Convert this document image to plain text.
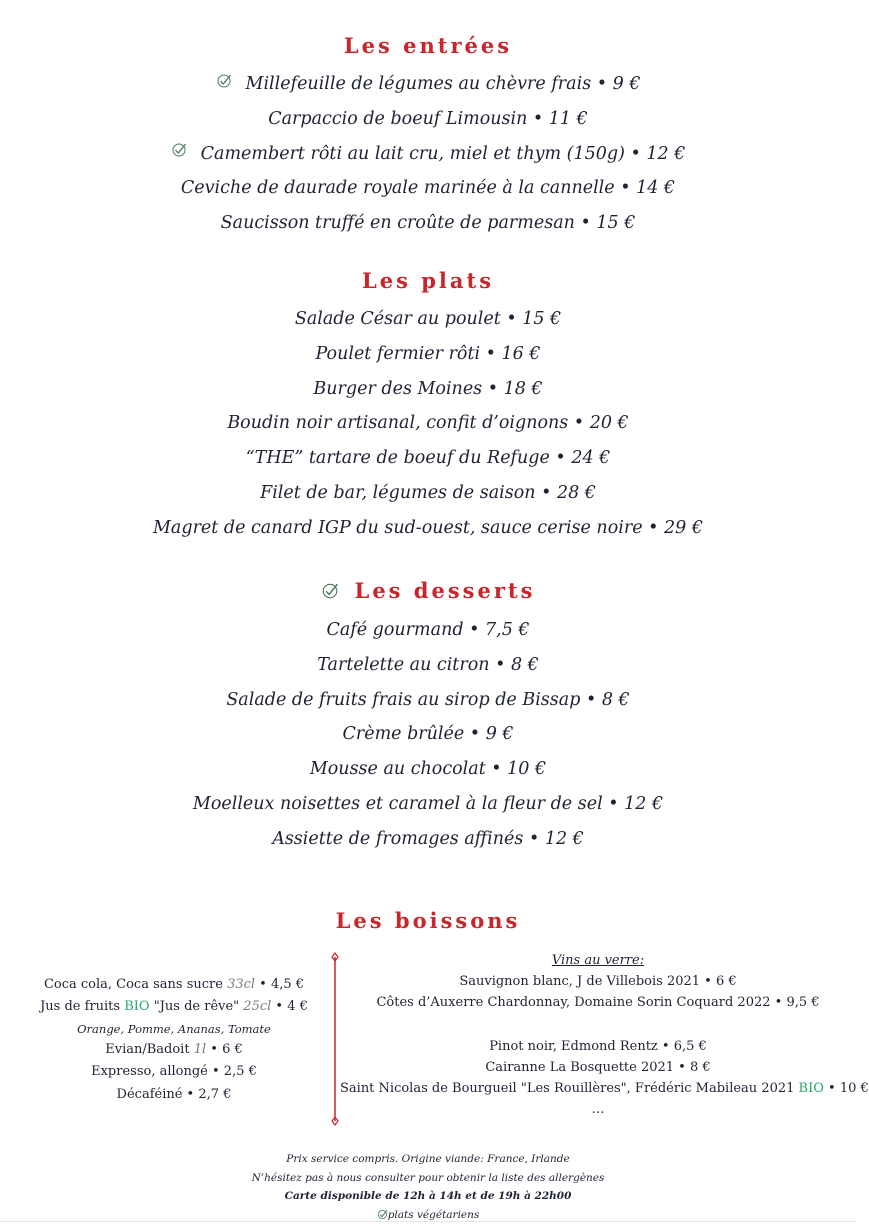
Les entrées
Millefeuille de légumes au chèvre frais • 9 €
Carpaccio de boeuf Limousin • 11 €
Camembert rôti au lait cru, miel et thym (150g) • 12 €
Ceviche de daurade royale marinée à la cannelle • 14 €
Saucisson truffé en croûte de parmesan • 15 €
Les plats
Salade César au poulet • 15 €
Poulet fermier rôti • 16 €
Burger des Moines • 18 €
Boudin noir artisanal, confit d’oignons • 20 €
“THE” tartare de boeuf du Refuge • 24 €
Filet de bar, légumes de saison • 28 €
Magret de canard IGP du sud-ouest, sauce cerise noire • 29 €
Les desserts
Café gourmand • 7,5 €
Tartelette au citron • 8 €
Salade de fruits frais au sirop de Bissap • 8 €
Crème brûlée • 9 €
Mousse au chocolat • 10 €
Moelleux noisettes et caramel à la fleur de sel • 12 €
Assiette de fromages affinés • 12 €
Les boissons
Coca cola, Coca sans sucre 33cl • 4,5 €
Jus de fruits BIO "Jus de rêve" 25cl • 4 €
Orange, Pomme, Ananas, Tomate
Evian/Badoit 1l • 6 €
Expresso, allongé • 2,5 €
Décaféiné • 2,7 €
Vins au verre:
Sauvignon blanc, J de Villebois 2021 • 6 €
Côtes d’Auxerre Chardonnay, Domaine Sorin Coquard 2022 • 9,5 €
Pinot noir, Edmond Rentz • 6,5 €
Cairanne La Bosquette 2021 • 8 €
Saint Nicolas de Bourgueil "Les Rouillères", Frédéric Mabileau 2021 BIO • 10 €
…
Prix service compris. Origine viande: France, Irlande
N’hésitez pas à nous consulter pour obtenir la liste des allergènes
Carte disponible de 12h à 14h et de 19h à 22h00
plats végétariens
